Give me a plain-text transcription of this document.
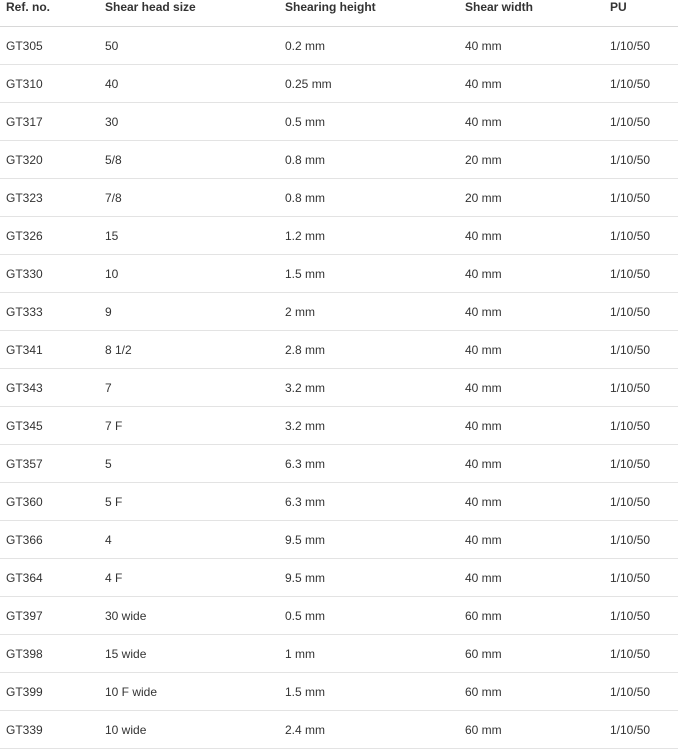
Ref. no.	Shear head size	Shearing height	Shear width	PU
GT305	50	0.2 mm	40 mm	1/10/50
GT310	40	0.25 mm	40 mm	1/10/50
GT317	30	0.5 mm	40 mm	1/10/50
GT320	5/8	0.8 mm	20 mm	1/10/50
GT323	7/8	0.8 mm	20 mm	1/10/50
GT326	15	1.2 mm	40 mm	1/10/50
GT330	10	1.5 mm	40 mm	1/10/50
GT333	9	2 mm	40 mm	1/10/50
GT341	8 1/2	2.8 mm	40 mm	1/10/50
GT343	7	3.2 mm	40 mm	1/10/50
GT345	7 F	3.2 mm	40 mm	1/10/50
GT357	5	6.3 mm	40 mm	1/10/50
GT360	5 F	6.3 mm	40 mm	1/10/50
GT366	4	9.5 mm	40 mm	1/10/50
GT364	4 F	9.5 mm	40 mm	1/10/50
GT397	30 wide	0.5 mm	60 mm	1/10/50
GT398	15 wide	1 mm	60 mm	1/10/50
GT399	10 F wide	1.5 mm	60 mm	1/10/50
GT339	10 wide	2.4 mm	60 mm	1/10/50
